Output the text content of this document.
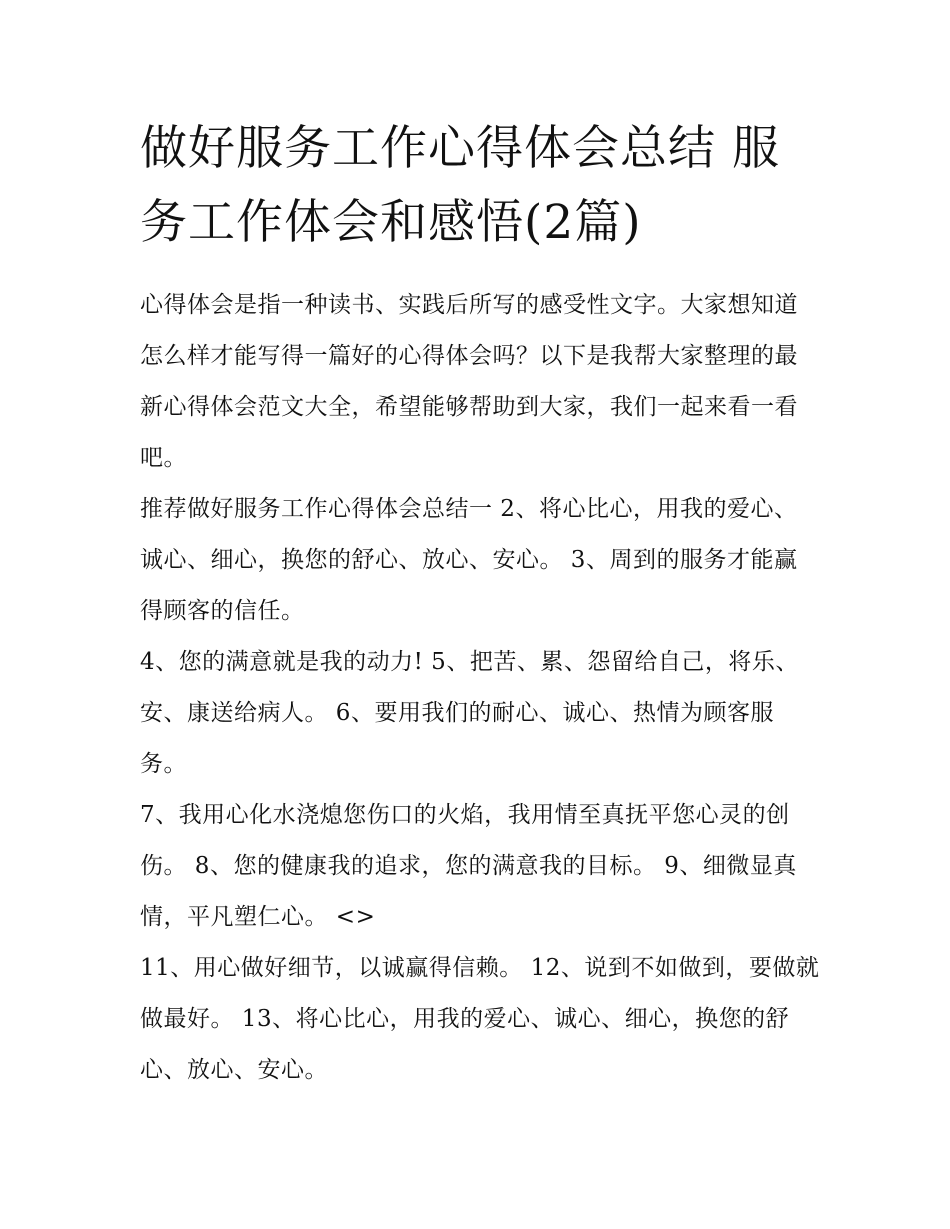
做好服务工作心得体会总结 服务工作体会和感悟(2篇)

心得体会是指一种读书、实践后所写的感受性文字。大家想知道怎么样才能写得一篇好的心得体会吗？以下是我帮大家整理的最新心得体会范文大全，希望能够帮助到大家，我们一起来看一看吧。

推荐做好服务工作心得体会总结一 2、将心比心，用我的爱心、诚心、细心，换您的舒心、放心、安心。 3、周到的服务才能赢得顾客的信任。

4、您的满意就是我的动力! 5、把苦、累、怨留给自己，将乐、安、康送给病人。 6、要用我们的耐心、诚心、热情为顾客服务。

7、我用心化水浇熄您伤口的火焰，我用情至真抚平您心灵的创伤。 8、您的健康我的追求，您的满意我的目标。 9、细微显真情，平凡塑仁心。 <>

11、用心做好细节，以诚赢得信赖。 12、说到不如做到，要做就做最好。 13、将心比心，用我的爱心、诚心、细心，换您的舒心、放心、安心。
